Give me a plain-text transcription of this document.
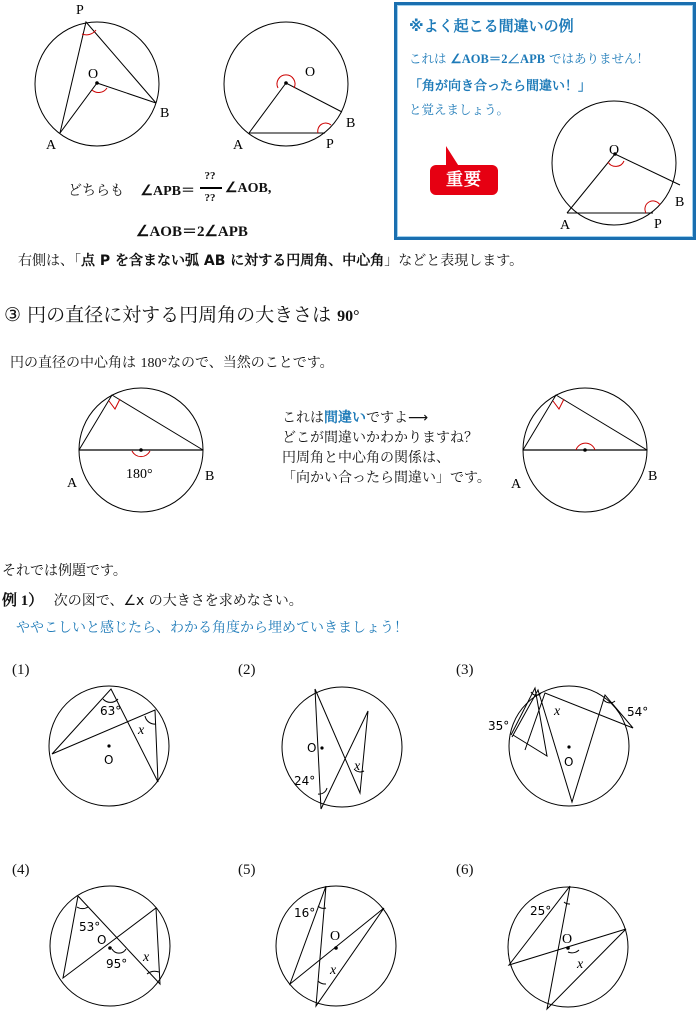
P
O
A
B
O
A
B
P
どちらも ∠APB＝
??
??
∠AOB,
∠AOB＝2∠APB
※よく起こる間違いの例
これは ∠AOB＝2∠APB ではありません！
「角が向き合ったら間違い！」
と覚えましょう。
重要
O
A
B
P
右側は、「点 P を含まない弧 AB に対する円周角、中心角」などと表現します。
③ 円の直径に対する円周角の大きさは 90°
円の直径の中心角は 180°なので、当然のことです。
180°
A	B
これは間違いですよ⟶
どこが間違いかわかりますね？
円周角と中心角の関係は、
「向かい合ったら間違い」です。 A
B
それでは例題です。
例 1） 次の図で、∠x の大きさを求めなさい。
ややこしいと感じたら、わかる角度から埋めていきましょう！
(1)
63°
x
O
(2)
O
24°
x
(3)
35°
54°
x
O
(4)
53°
O
95° x
(5)
16°
O
x
(6)
25°
O
x
